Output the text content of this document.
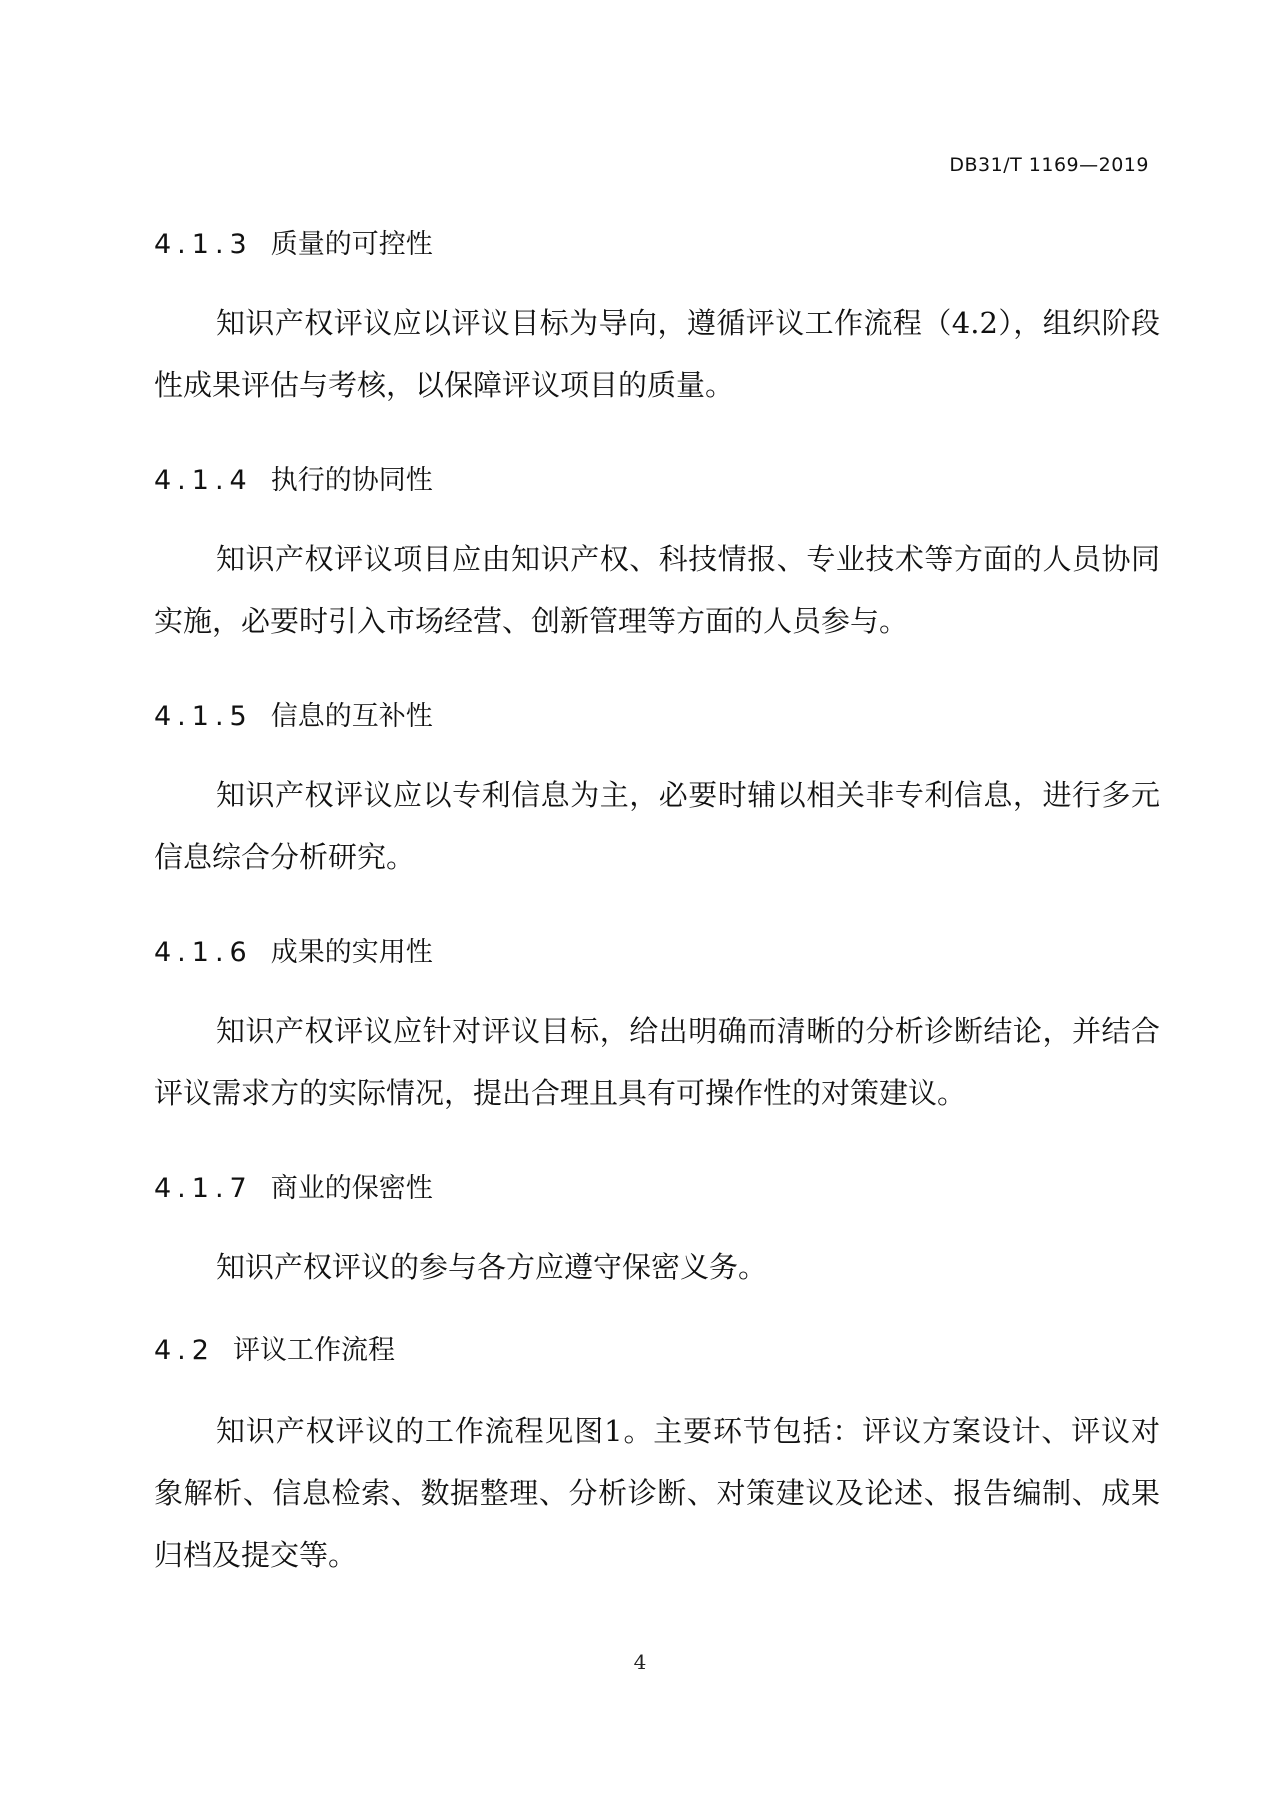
DB31/T 1169—2019
4.1.3 质量的可控性

知识产权评议应以评议目标为导向，遵循评议工作流程（4.2），组织阶段性成果评估与考核，以保障评议项目的质量。

4.1.4 执行的协同性

知识产权评议项目应由知识产权、科技情报、专业技术等方面的人员协同实施，必要时引入市场经营、创新管理等方面的人员参与。

4.1.5 信息的互补性

知识产权评议应以专利信息为主，必要时辅以相关非专利信息，进行多元信息综合分析研究。

4.1.6 成果的实用性

知识产权评议应针对评议目标，给出明确而清晰的分析诊断结论，并结合评议需求方的实际情况，提出合理且具有可操作性的对策建议。

4.1.7 商业的保密性

知识产权评议的参与各方应遵守保密义务。

4.2 评议工作流程

知识产权评议的工作流程见图1。主要环节包括：评议方案设计、评议对象解析、信息检索、数据整理、分析诊断、对策建议及论述、报告编制、成果归档及提交等。

4
